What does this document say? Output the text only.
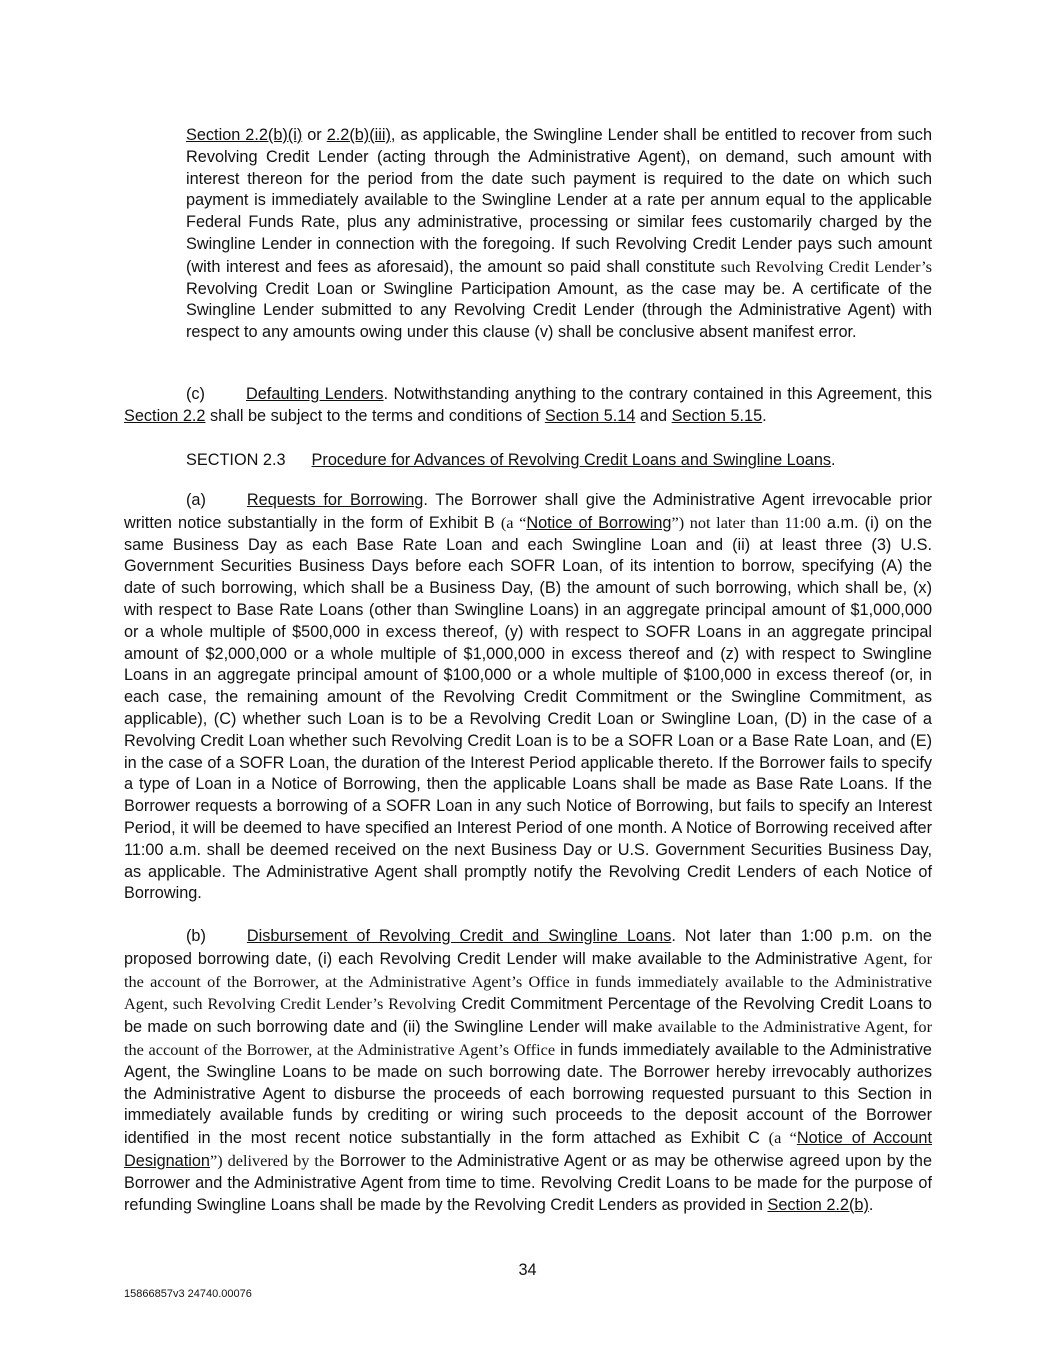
Section 2.2(b)(i) or 2.2(b)(iii), as applicable, the Swingline Lender shall be entitled to recover from such Revolving Credit Lender (acting through the Administrative Agent), on demand, such amount with interest thereon for the period from the date such payment is required to the date on which such payment is immediately available to the Swingline Lender at a rate per annum equal to the applicable Federal Funds Rate, plus any administrative, processing or similar fees customarily charged by the Swingline Lender in connection with the foregoing. If such Revolving Credit Lender pays such amount (with interest and fees as aforesaid), the amount so paid shall constitute such Revolving Credit Lender’s Revolving Credit Loan or Swingline Participation Amount, as the case may be. A certificate of the Swingline Lender submitted to any Revolving Credit Lender (through the Administrative Agent) with respect to any amounts owing under this clause (v) shall be conclusive absent manifest error.

(c)	Defaulting Lenders. Notwithstanding anything to the contrary contained in this Agreement, this Section 2.2 shall be subject to the terms and conditions of Section 5.14 and Section 5.15.

SECTION 2.3 Procedure for Advances of Revolving Credit Loans and Swingline Loans.

(a)	Requests for Borrowing. The Borrower shall give the Administrative Agent irrevocable prior written notice substantially in the form of Exhibit B (a “Notice of Borrowing”) not later than 11:00 a.m. (i) on the same Business Day as each Base Rate Loan and each Swingline Loan and (ii) at least three (3) U.S. Government Securities Business Days before each SOFR Loan, of its intention to borrow, specifying (A) the date of such borrowing, which shall be a Business Day, (B) the amount of such borrowing, which shall be, (x) with respect to Base Rate Loans (other than Swingline Loans) in an aggregate principal amount of $1,000,000 or a whole multiple of $500,000 in excess thereof, (y) with respect to SOFR Loans in an aggregate principal amount of $2,000,000 or a whole multiple of $1,000,000 in excess thereof and (z) with respect to Swingline Loans in an aggregate principal amount of $100,000 or a whole multiple of $100,000 in excess thereof (or, in each case, the remaining amount of the Revolving Credit Commitment or the Swingline Commitment, as applicable), (C) whether such Loan is to be a Revolving Credit Loan or Swingline Loan, (D) in the case of a Revolving Credit Loan whether such Revolving Credit Loan is to be a SOFR Loan or a Base Rate Loan, and (E) in the case of a SOFR Loan, the duration of the Interest Period applicable thereto. If the Borrower fails to specify a type of Loan in a Notice of Borrowing, then the applicable Loans shall be made as Base Rate Loans. If the Borrower requests a borrowing of a SOFR Loan in any such Notice of Borrowing, but fails to specify an Interest Period, it will be deemed to have specified an Interest Period of one month. A Notice of Borrowing received after 11:00 a.m. shall be deemed received on the next Business Day or U.S. Government Securities Business Day, as applicable. The Administrative Agent shall promptly notify the Revolving Credit Lenders of each Notice of Borrowing.

(b)	Disbursement of Revolving Credit and Swingline Loans. Not later than 1:00 p.m. on the proposed borrowing date, (i) each Revolving Credit Lender will make available to the Administrative Agent, for the account of the Borrower, at the Administrative Agent’s Office in funds immediately available to the Administrative Agent, such Revolving Credit Lender’s Revolving Credit Commitment Percentage of the Revolving Credit Loans to be made on such borrowing date and (ii) the Swingline Lender will make available to the Administrative Agent, for the account of the Borrower, at the Administrative Agent’s Office in funds immediately available to the Administrative Agent, the Swingline Loans to be made on such borrowing date. The Borrower hereby irrevocably authorizes the Administrative Agent to disburse the proceeds of each borrowing requested pursuant to this Section in immediately available funds by crediting or wiring such proceeds to the deposit account of the Borrower identified in the most recent notice substantially in the form attached as Exhibit C (a “Notice of Account Designation”) delivered by the Borrower to the Administrative Agent or as may be otherwise agreed upon by the Borrower and the Administrative Agent from time to time. Revolving Credit Loans to be made for the purpose of refunding Swingline Loans shall be made by the Revolving Credit Lenders as provided in Section 2.2(b).

34
15866857v3 24740.00076
